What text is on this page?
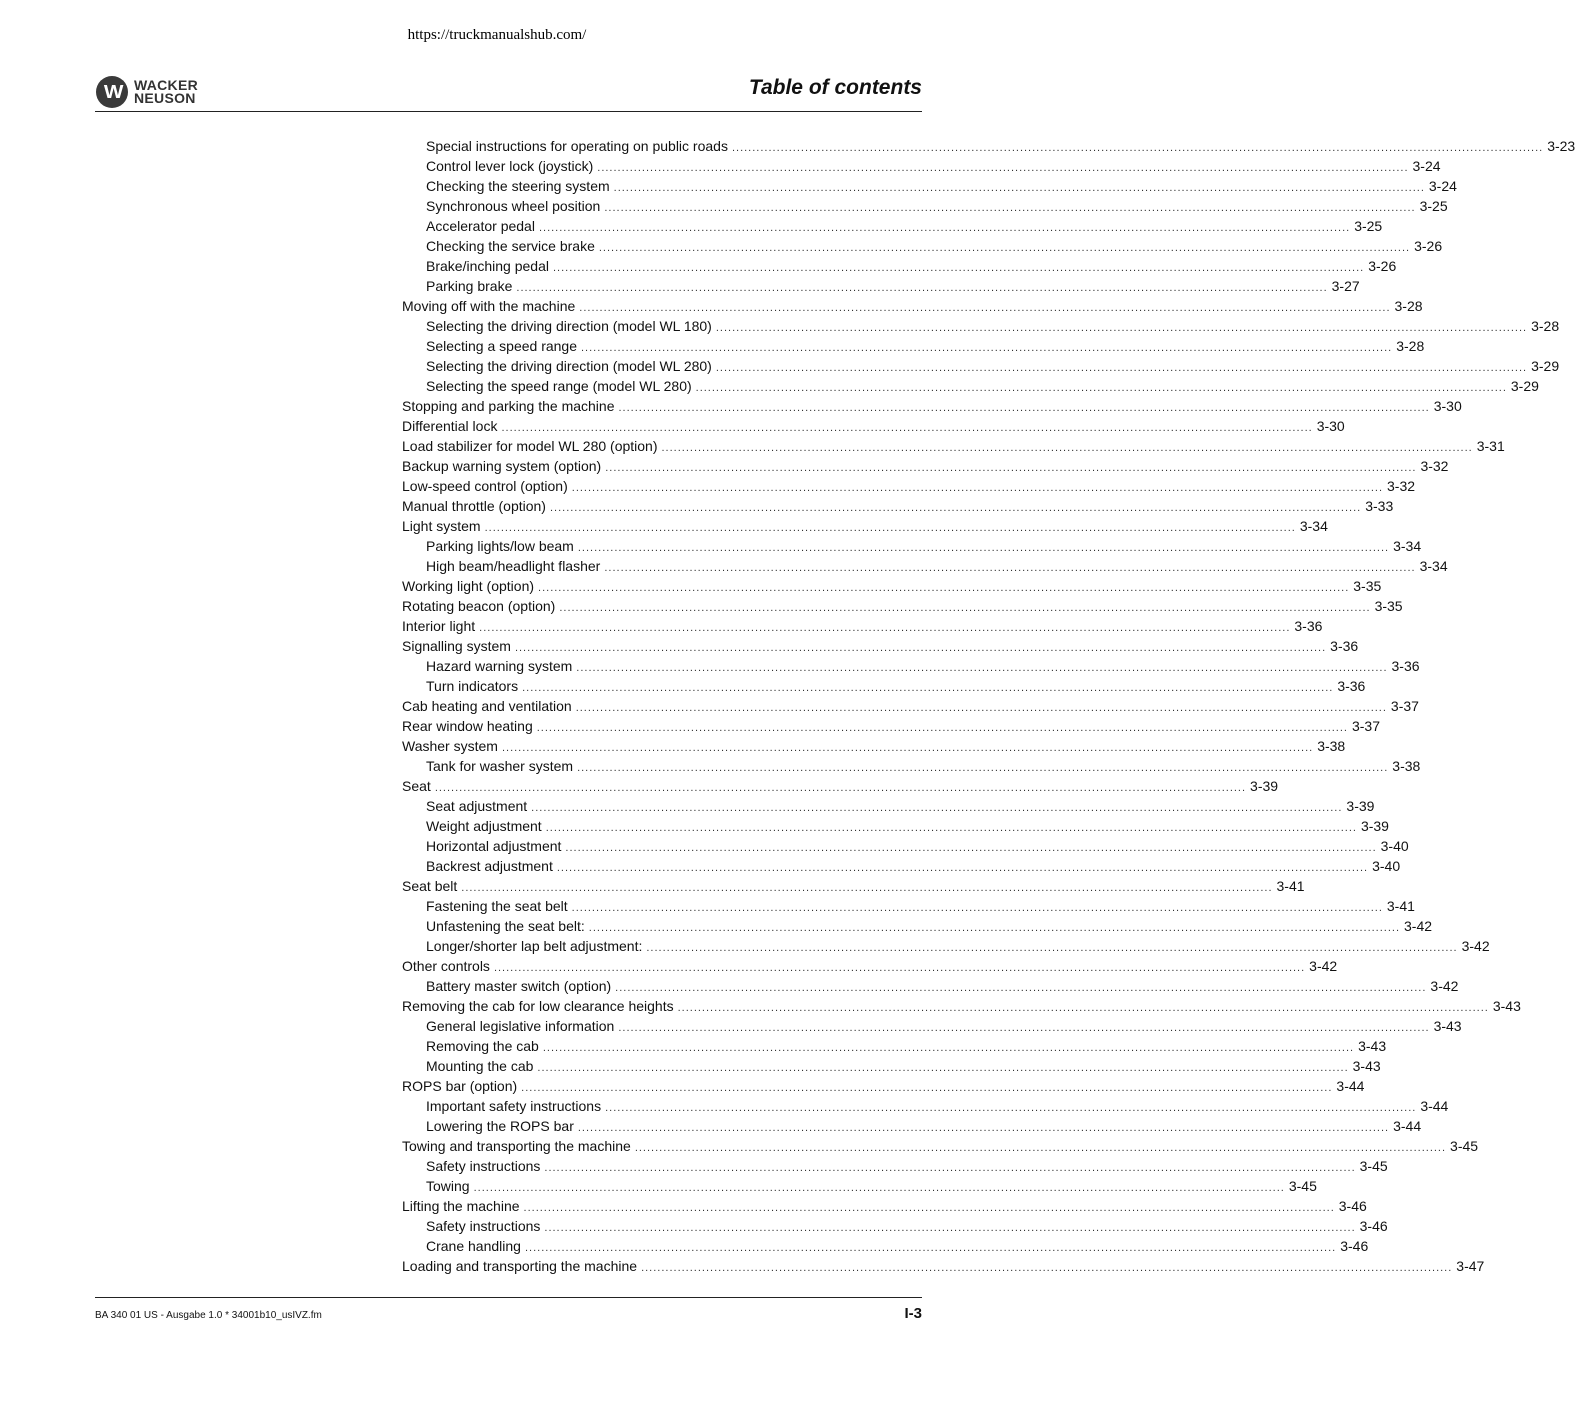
https://truckmanualshub.com/
W WACKER
NEUSON	Table of contents
Special instructions for operating on public roads ........................................................................................................................................................................................................ 3-23
Control lever lock (joystick) ........................................................................................................................................................................................................ 3-24
Checking the steering system ........................................................................................................................................................................................................ 3-24
Synchronous wheel position ........................................................................................................................................................................................................ 3-25
Accelerator pedal ........................................................................................................................................................................................................ 3-25
Checking the service brake ........................................................................................................................................................................................................ 3-26
Brake/inching pedal ........................................................................................................................................................................................................ 3-26
Parking brake ........................................................................................................................................................................................................ 3-27
Moving off with the machine ........................................................................................................................................................................................................ 3-28
Selecting the driving direction (model WL 180) ........................................................................................................................................................................................................ 3-28
Selecting a speed range ........................................................................................................................................................................................................ 3-28
Selecting the driving direction (model WL 280) ........................................................................................................................................................................................................ 3-29
Selecting the speed range (model WL 280) ........................................................................................................................................................................................................ 3-29
Stopping and parking the machine ........................................................................................................................................................................................................ 3-30
Differential lock ........................................................................................................................................................................................................ 3-30
Load stabilizer for model WL 280 (option) ........................................................................................................................................................................................................ 3-31
Backup warning system (option) ........................................................................................................................................................................................................ 3-32
Low-speed control (option) ........................................................................................................................................................................................................ 3-32
Manual throttle (option) ........................................................................................................................................................................................................ 3-33
Light system ........................................................................................................................................................................................................ 3-34
Parking lights/low beam ........................................................................................................................................................................................................ 3-34
High beam/headlight flasher ........................................................................................................................................................................................................ 3-34
Working light (option) ........................................................................................................................................................................................................ 3-35
Rotating beacon (option) ........................................................................................................................................................................................................ 3-35
Interior light ........................................................................................................................................................................................................ 3-36
Signalling system ........................................................................................................................................................................................................ 3-36
Hazard warning system ........................................................................................................................................................................................................ 3-36
Turn indicators ........................................................................................................................................................................................................ 3-36
Cab heating and ventilation ........................................................................................................................................................................................................ 3-37
Rear window heating ........................................................................................................................................................................................................ 3-37
Washer system ........................................................................................................................................................................................................ 3-38
Tank for washer system ........................................................................................................................................................................................................ 3-38
Seat ........................................................................................................................................................................................................ 3-39
Seat adjustment ........................................................................................................................................................................................................ 3-39
Weight adjustment ........................................................................................................................................................................................................ 3-39
Horizontal adjustment ........................................................................................................................................................................................................ 3-40
Backrest adjustment ........................................................................................................................................................................................................ 3-40
Seat belt ........................................................................................................................................................................................................ 3-41
Fastening the seat belt ........................................................................................................................................................................................................ 3-41
Unfastening the seat belt: ........................................................................................................................................................................................................ 3-42
Longer/shorter lap belt adjustment: ........................................................................................................................................................................................................ 3-42
Other controls ........................................................................................................................................................................................................ 3-42
Battery master switch (option) ........................................................................................................................................................................................................ 3-42
Removing the cab for low clearance heights ........................................................................................................................................................................................................ 3-43
General legislative information ........................................................................................................................................................................................................ 3-43
Removing the cab ........................................................................................................................................................................................................ 3-43
Mounting the cab ........................................................................................................................................................................................................ 3-43
ROPS bar (option) ........................................................................................................................................................................................................ 3-44
Important safety instructions ........................................................................................................................................................................................................ 3-44
Lowering the ROPS bar ........................................................................................................................................................................................................ 3-44
Towing and transporting the machine ........................................................................................................................................................................................................ 3-45
Safety instructions ........................................................................................................................................................................................................ 3-45
Towing ........................................................................................................................................................................................................ 3-45
Lifting the machine ........................................................................................................................................................................................................ 3-46
Safety instructions ........................................................................................................................................................................................................ 3-46
Crane handling ........................................................................................................................................................................................................ 3-46
Loading and transporting the machine ........................................................................................................................................................................................................ 3-47
BA 340 01 US - Ausgabe 1.0 * 34001b10_usIVZ.fm	I-3
